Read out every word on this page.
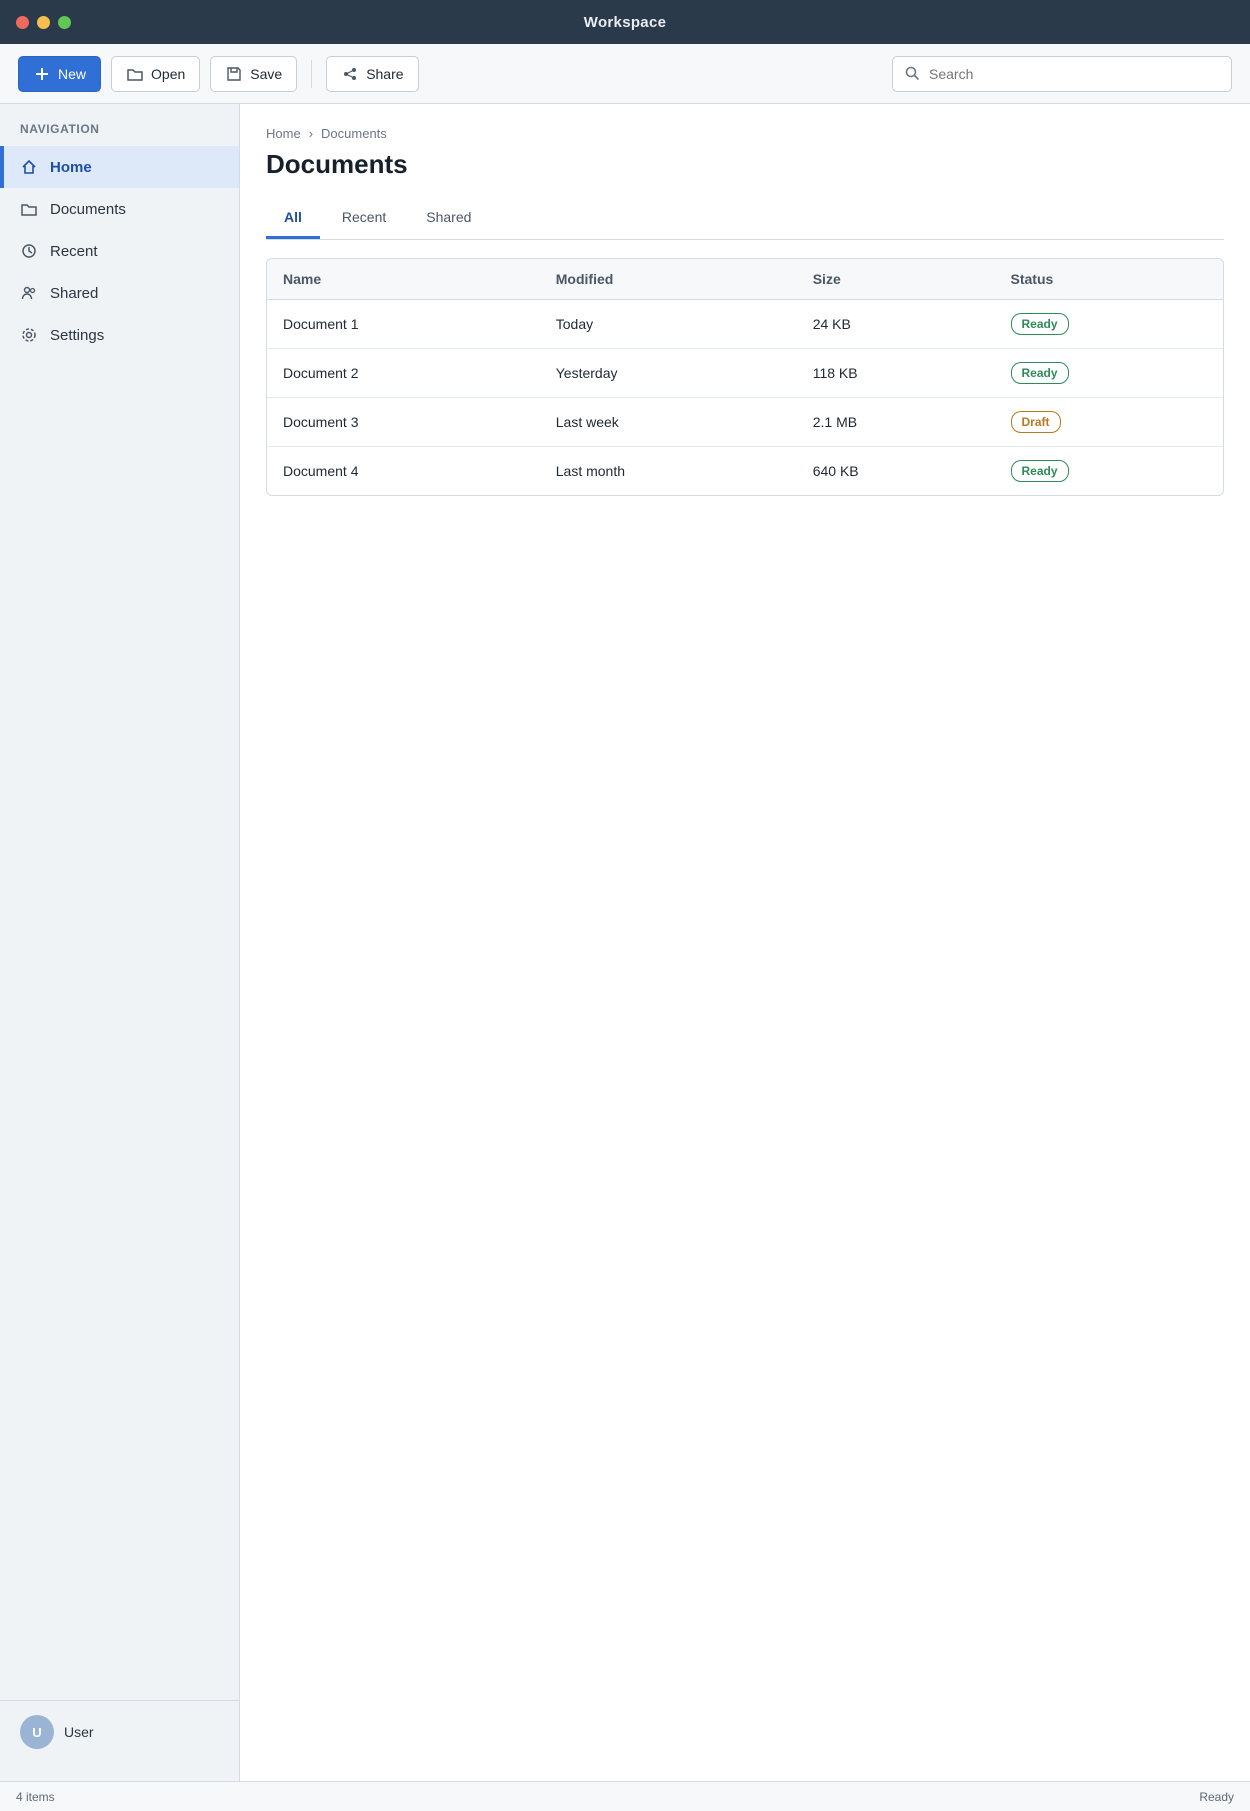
Workspace
New	Open	Save	Share
Search
NAVIGATION
Home
Documents
Recent
Shared
Settings
U	User
Home › Documents
Documents
All	Recent	Shared
Name	Modified	Size	Status
Document 1	Today	24 KB	Ready
Document 2	Yesterday	118 KB	Ready
Document 3	Last week	2.1 MB	Draft
Document 4	Last month	640 KB	Ready
4 items	Ready
